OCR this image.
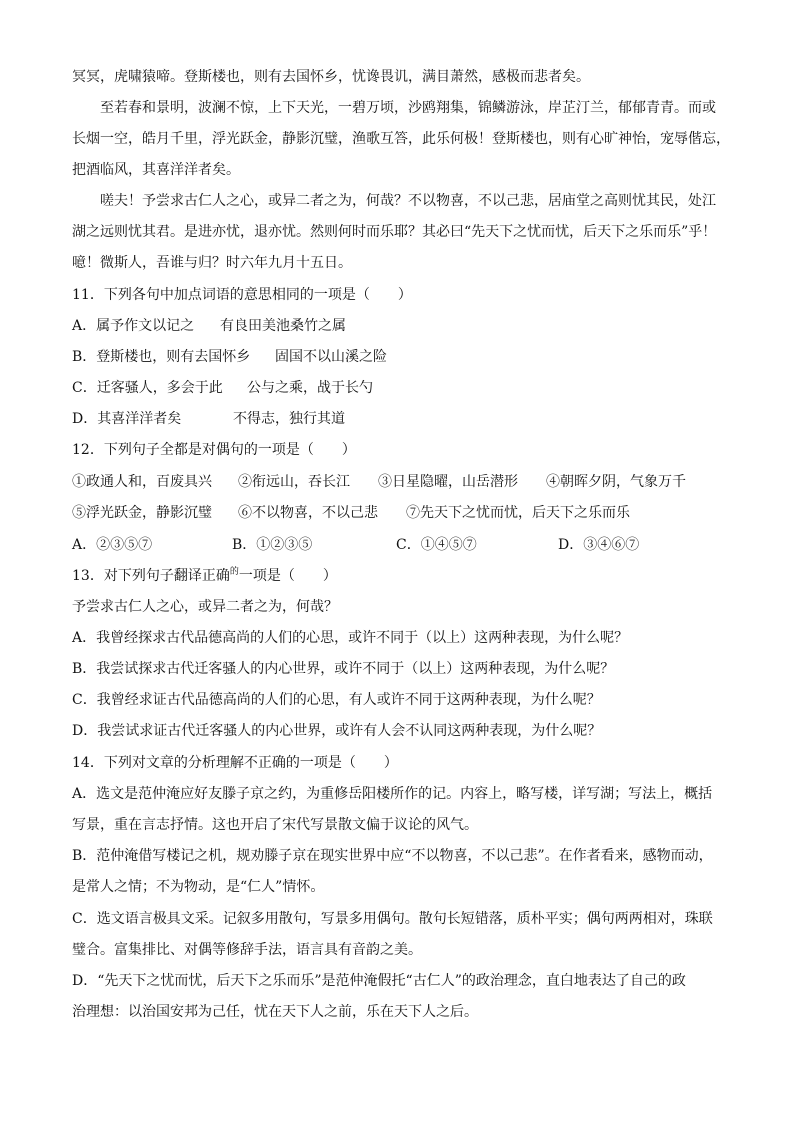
冥冥，虎啸猿啼。登斯楼也，则有去国怀乡，忧谗畏讥，满目萧然，感极而悲者矣。
至若春和景明，波澜不惊，上下天光，一碧万顷，沙鸥翔集，锦鳞游泳，岸芷汀兰，郁郁青青。而或
长烟一空，皓月千里，浮光跃金，静影沉璧，渔歌互答，此乐何极！登斯楼也，则有心旷神怡，宠辱偕忘，
把酒临风，其喜洋洋者矣。
嗟夫！予尝求古仁人之心，或异二者之为，何哉？不以物喜，不以己悲，居庙堂之高则忧其民，处江
湖之远则忧其君。是进亦忧，退亦忧。然则何时而乐耶？其必曰“先天下之忧而忧，后天下之乐而乐”乎！
噫！微斯人，吾谁与归？时六年九月十五日。
11．下列各句中加点词语的意思相同的一项是（　　）
A．属予作文以记之 有良田美池桑竹之属
B．登斯楼也，则有去国怀乡 固国不以山溪之险
C．迁客骚人，多会于此 公与之乘，战于长勺
D．其喜洋洋者矣	不得志，独行其道
12．下列句子全都是对偶句的一项是（　　）
①政通人和，百废具兴 ②衔远山，吞长江 ③日星隐曜，山岳潜形 ④朝晖夕阴，气象万千
⑤浮光跃金，静影沉璧 ⑥不以物喜，不以己悲 ⑦先天下之忧而忧，后天下之乐而乐
A．②③⑤⑦	B．①②③⑤	C．①④⑤⑦	D．③④⑥⑦
13．对下列句子翻译正确$^的$一项是（　　）
予尝求古仁人之心，或异二者之为，何哉？
A．我曾经探求古代品德高尚的人们的心思，或许不同于（以上）这两种表现，为什么呢？
B．我尝试探求古代迁客骚人的内心世界，或许不同于（以上）这两种表现，为什么呢？
C．我曾经求证古代品德高尚的人们的心思，有人或许不同于这两种表现，为什么呢？
D．我尝试求证古代迁客骚人的内心世界，或许有人会不认同这两种表现，为什么呢？
14．下列对文章的分析理解不正确的一项是（　　）
A．选文是范仲淹应好友滕子京之约，为重修岳阳楼所作的记。内容上，略写楼，详写湖；写法上，概括
写景，重在言志抒情。这也开启了宋代写景散文偏于议论的风气。
B．范仲淹借写楼记之机，规劝滕子京在现实世界中应“不以物喜，不以己悲”。在作者看来，感物而动，
是常人之情；不为物动，是“仁人”情怀。
C．选文语言极具文采。记叙多用散句，写景多用偶句。散句长短错落，质朴平实；偶句两两相对，珠联
璧合。富集排比、对偶等修辞手法，语言具有音韵之美。
D．“先天下之忧而忧，后天下之乐而乐”是范仲淹假托“古仁人”的政治理念，直白地表达了自己的政
治理想：以治国安邦为己任，忧在天下人之前，乐在天下人之后。
